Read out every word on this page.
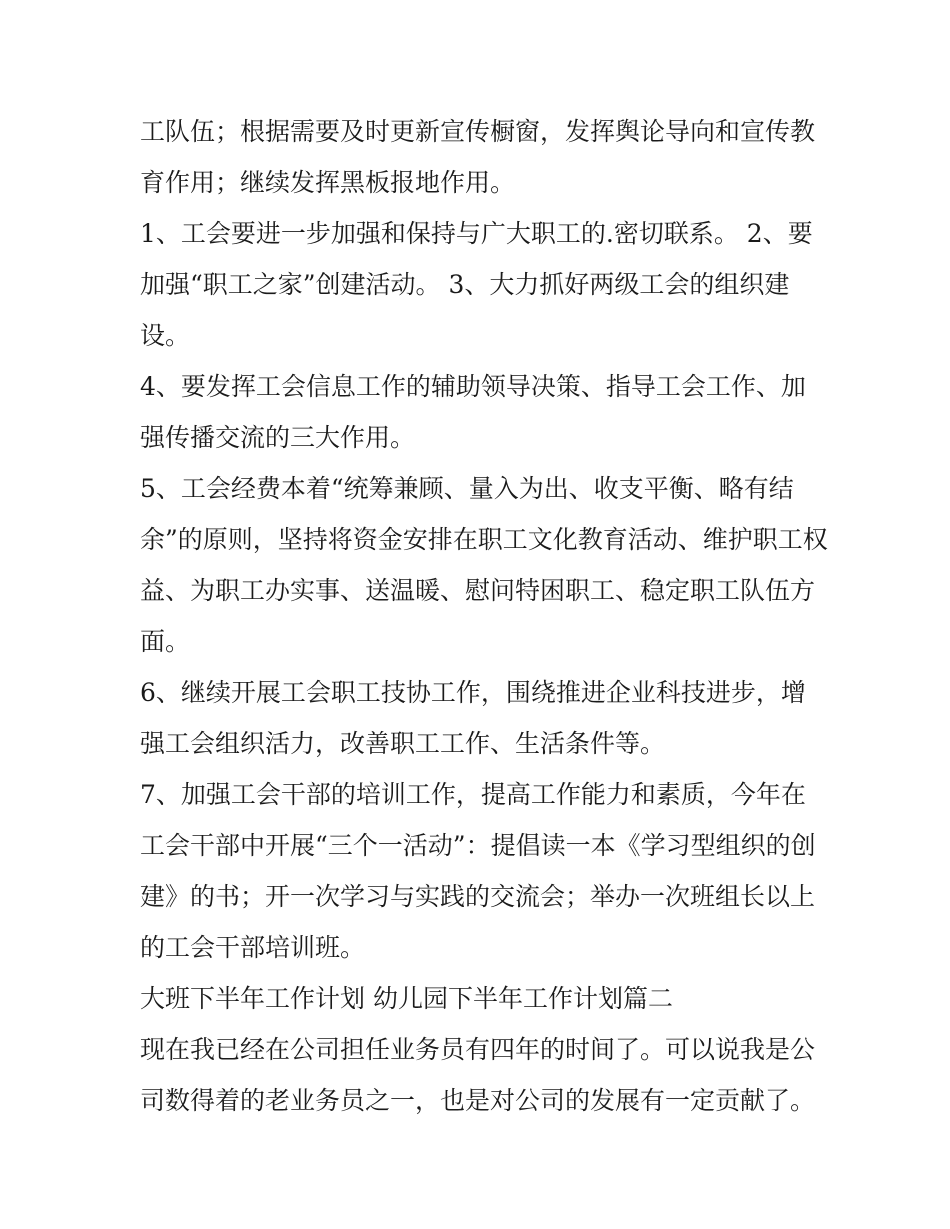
工队伍；根据需要及时更新宣传橱窗，发挥舆论导向和宣传教育作用；继续发挥黑板报地作用。

1、工会要进一步加强和保持与广大职工的.密切联系。 2、要加强“职工之家”创建活动。 3、大力抓好两级工会的组织建设。

4、要发挥工会信息工作的辅助领导决策、指导工会工作、加强传播交流的三大作用。

5、工会经费本着“统筹兼顾、量入为出、收支平衡、略有结余”的原则，坚持将资金安排在职工文化教育活动、维护职工权益、为职工办实事、送温暖、慰问特困职工、稳定职工队伍方面。

6、继续开展工会职工技协工作，围绕推进企业科技进步，增强工会组织活力，改善职工工作、生活条件等。

7、加强工会干部的培训工作，提高工作能力和素质，今年在工会干部中开展“三个一活动”：提倡读一本《学习型组织的创建》的书；开一次学习与实践的交流会；举办一次班组长以上的工会干部培训班。

大班下半年工作计划 幼儿园下半年工作计划篇二

现在我已经在公司担任业务员有四年的时间了。可以说我是公司数得着的老业务员之一，也是对公司的发展有一定贡献了。
